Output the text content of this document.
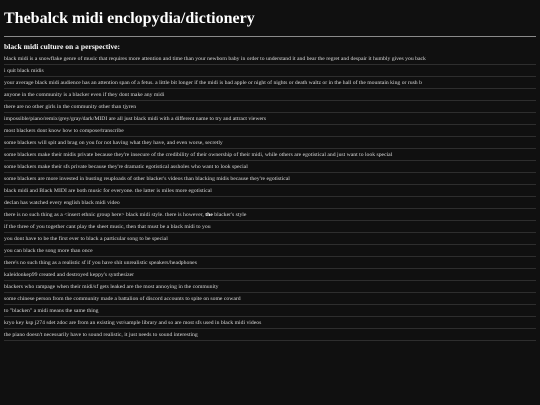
Thebalck midi enclopydia/dictionery
black midi culture on a perspective:
black midi is a snowflake genre of music that requires more attention and time than your newborn baby in order to understand it and bear the regret and despair it humbly gives you back
i quit black midis
your average black midi audience has an attention span of a fetus. a little bit longer if the midi is bad apple or night of nights or death waltz or in the hall of the mountain king or rush b
anyone in the community is a blacker even if they dont make any midi
there are no other girls in the community other than tjyren
impossible/piano/remix/grey/gray/dark/MIDI are all just black midi with a different name to try and attract viewers
most blackers dont know how to compose/transcribe
some blackers will spit and brag on you for not having what they have, and even worse, secretly
some blackers make their midis private because they're insecure of the credibility of their ownership of their midi, while others are egotistical and just want to look special
some blackers make their sfs private because they're dramatic egotistical assholes who want to look special
some blackers are more invested in busting reuploads of other blacker's videos than blacking midis because they're egotistical
black midi and Black MIDI are both music for everyone. the latter is miles more egotistical
declan has watched every english black midi video
there is no such thing as a <insert ethnic group here> black midi style. there is however, the blacker's style
if the three of you together cant play the sheet music, then that must be a black midi to you
you dont have to be the first ever to black a particular song to be special
you can black the song more than once
there's no such thing as a realistic sf if you have shit unrealistic speakers/headphones
kaleidonkep99 created and destroyed keppy's synthesizer
blackers who rampage when their midi/sf gets leaked are the most annoying in the community
some chinese person from the community made a battalion of discord accounts to spite on some coward
to "blacken" a midi means the same thing
kryo key ksp j274 sdet zdoc are from an existing vst/sample library and so are most sfs used in black midi videos
the piano doesn't necessarily have to sound realistic, it just needs to sound interesting
